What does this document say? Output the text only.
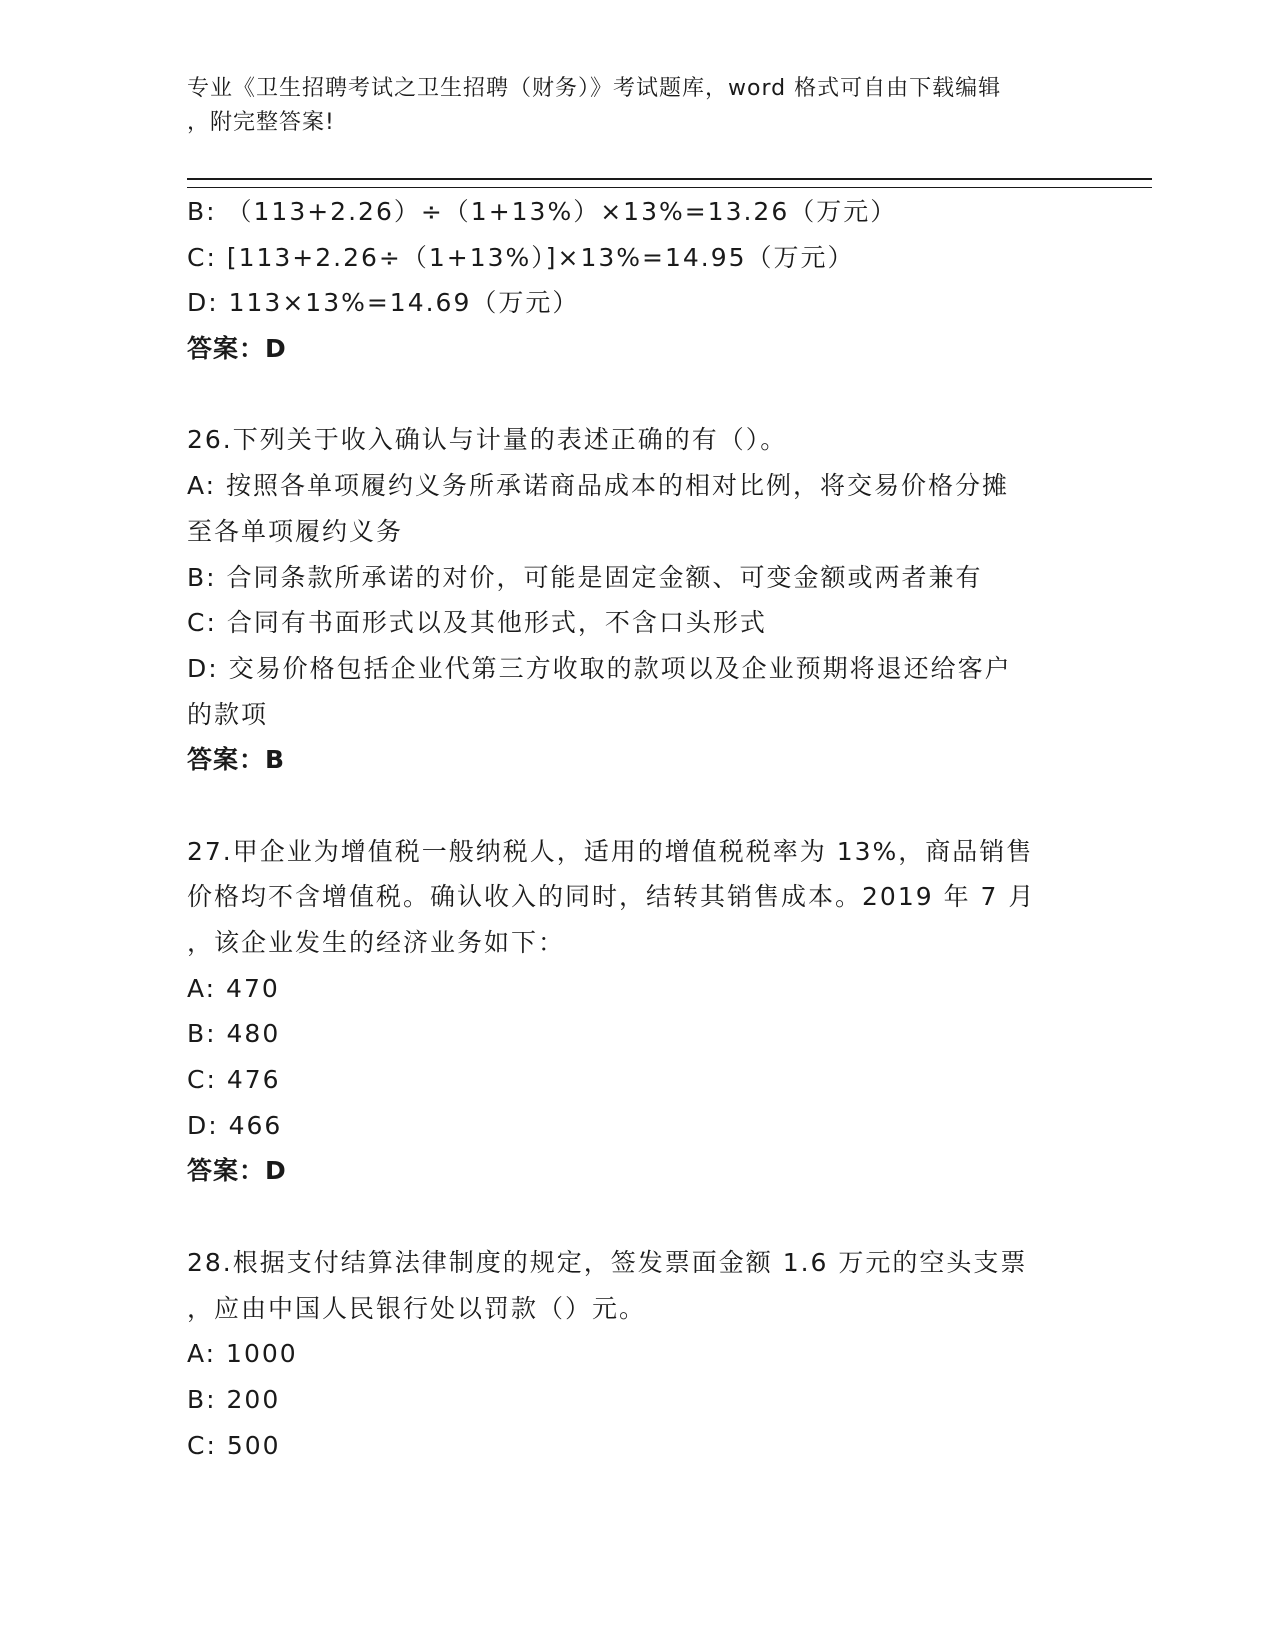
专业《卫生招聘考试之卫生招聘（财务）》考试题库，word 格式可自由下载编辑
，附完整答案!
B: （113+2.26）÷（1+13%）×13%=13.26（万元）
C: [113+2.26÷（1+13%）]×13%=14.95（万元）
D: 113×13%=14.69（万元）
答案：D
26.下列关于收入确认与计量的表述正确的有（）。
A: 按照各单项履约义务所承诺商品成本的相对比例，将交易价格分摊
至各单项履约义务
B: 合同条款所承诺的对价，可能是固定金额、可变金额或两者兼有
C: 合同有书面形式以及其他形式，不含口头形式
D: 交易价格包括企业代第三方收取的款项以及企业预期将退还给客户
的款项
答案：B
27.甲企业为增值税一般纳税人，适用的增值税税率为 13%，商品销售
价格均不含增值税。确认收入的同时，结转其销售成本。2019 年 7 月
，该企业发生的经济业务如下：
A: 470
B: 480
C: 476
D: 466
答案：D
28.根据支付结算法律制度的规定，签发票面金额 1.6 万元的空头支票
，应由中国人民银行处以罚款（）元。
A: 1000
B: 200
C: 500
